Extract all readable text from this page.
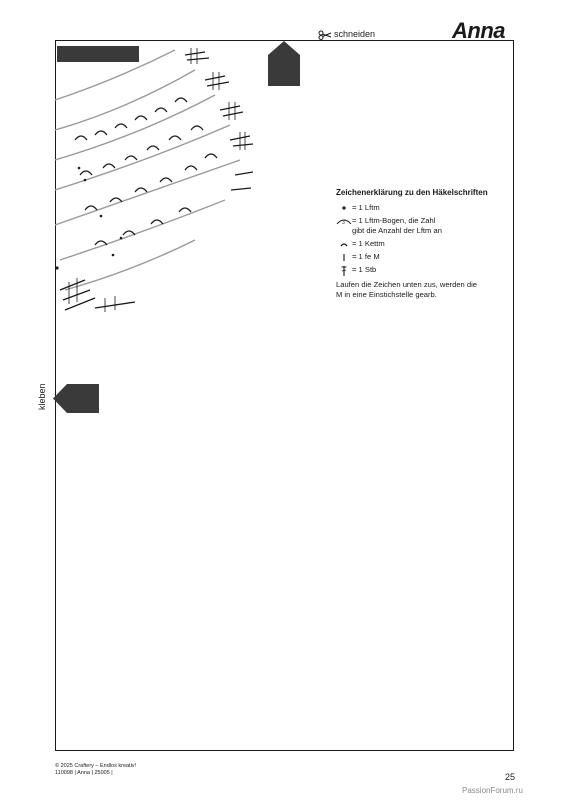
schneiden	Anna
kleben
Zeichenerklärung zu den Häkelschriften
= 1 Lftm
3 = 1 Lftm-Bogen, die Zahl
gibt die Anzahl der Lftm an
= 1 Kettm
= 1 fe M
= 1 Stb
Laufen die Zeichen unten zus, werden die
M in eine Einstichstelle gearb.
© 2025 Craftery – Endlos kreativ!
110098 | Anna | 25005 |	25
PassionForum.ru
